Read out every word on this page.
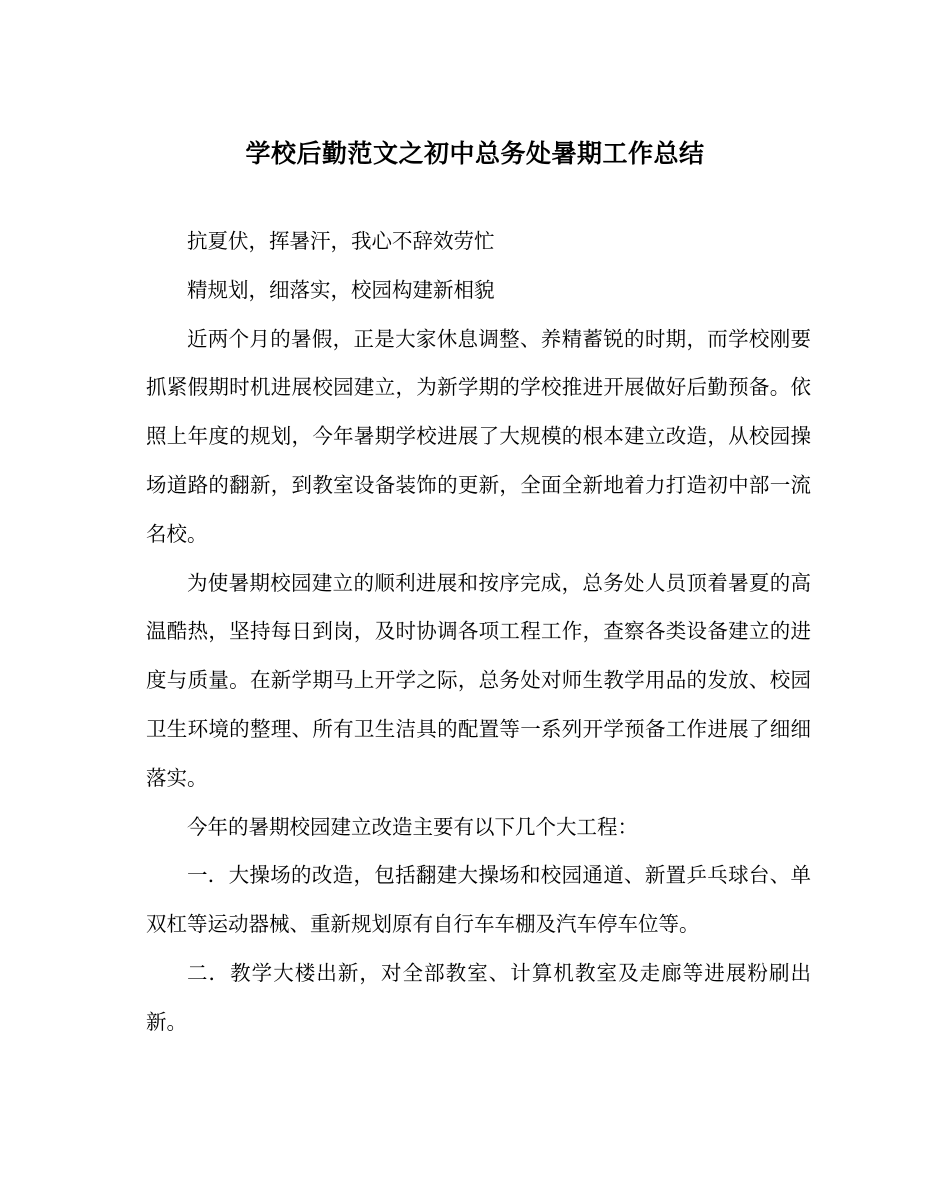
学校后勤范文之初中总务处暑期工作总结

抗夏伏，挥暑汗，我心不辞效劳忙

精规划，细落实，校园构建新相貌

近两个月的暑假，正是大家休息调整、养精蓄锐的时期，而学校刚要抓紧假期时机进展校园建立，为新学期的学校推进开展做好后勤预备。依照上年度的规划，今年暑期学校进展了大规模的根本建立改造，从校园操场道路的翻新，到教室设备装饰的更新，全面全新地着力打造初中部一流名校。

为使暑期校园建立的顺利进展和按序完成，总务处人员顶着暑夏的高温酷热，坚持每日到岗，及时协调各项工程工作，查察各类设备建立的进度与质量。在新学期马上开学之际，总务处对师生教学用品的发放、校园卫生环境的整理、所有卫生洁具的配置等一系列开学预备工作进展了细细落实。

今年的暑期校园建立改造主要有以下几个大工程：

一．大操场的改造，包括翻建大操场和校园通道、新置乒乓球台、单双杠等运动器械、重新规划原有自行车车棚及汽车停车位等。

二．教学大楼出新，对全部教室、计算机教室及走廊等进展粉刷出新。
